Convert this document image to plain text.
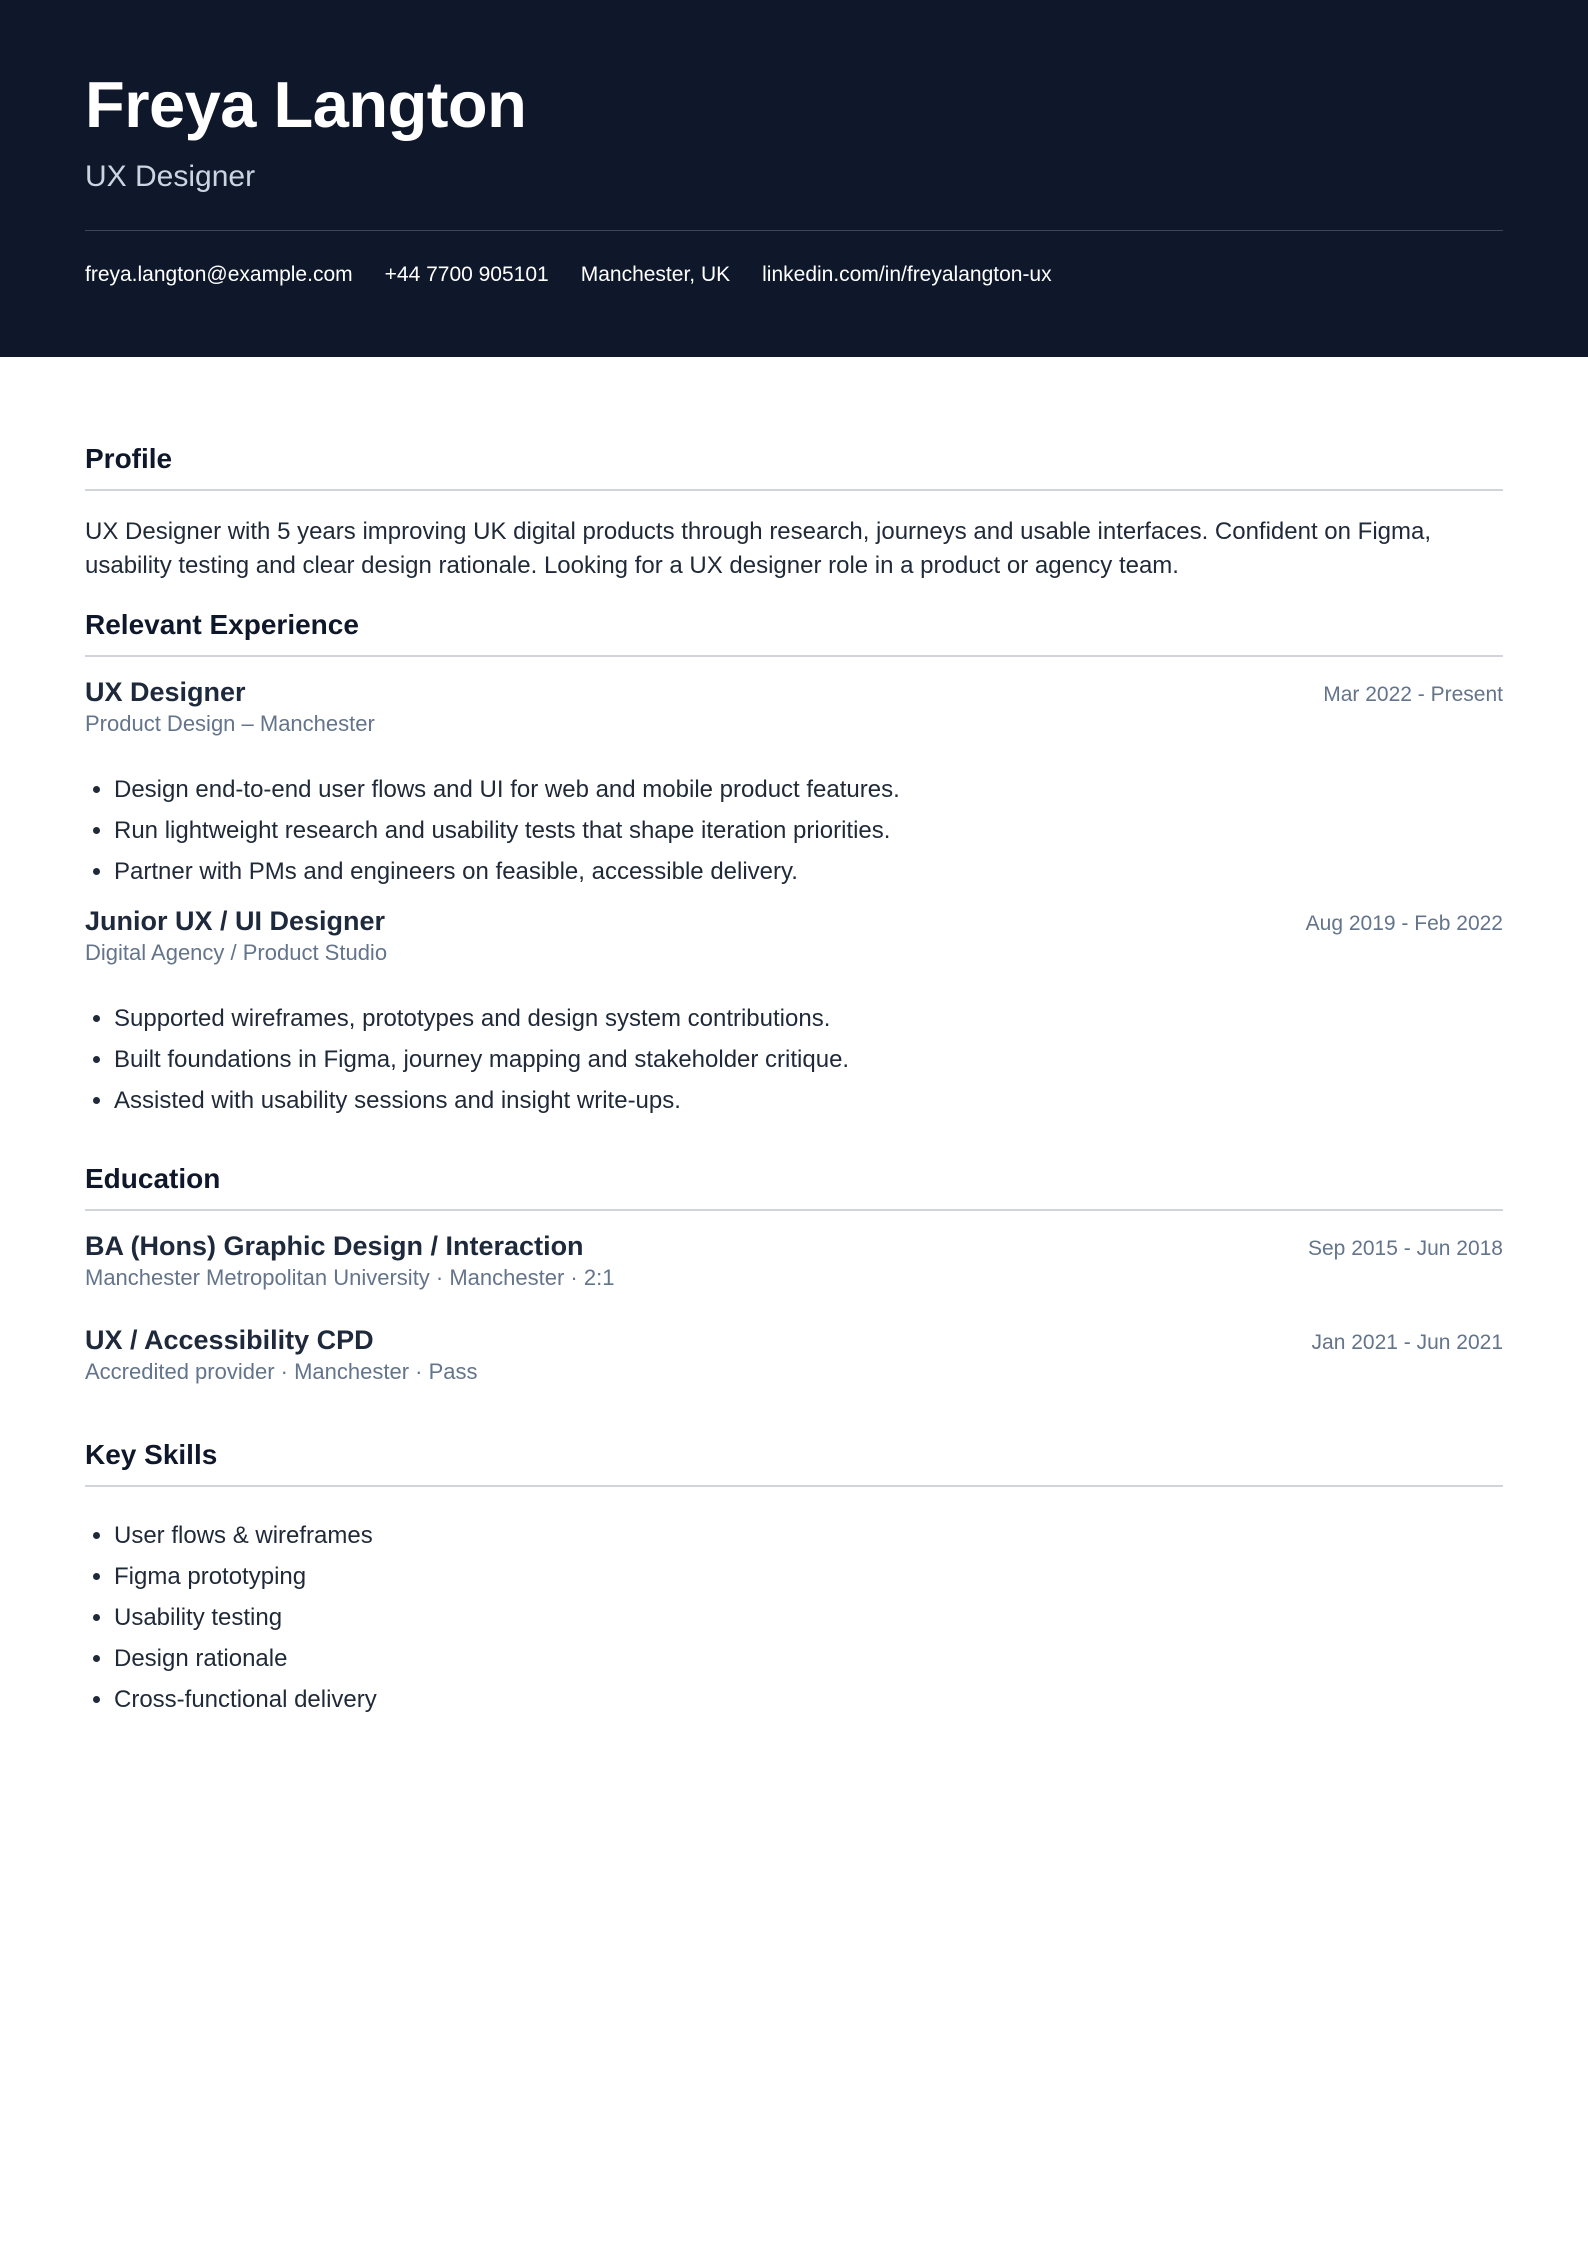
Freya Langton
UX Designer
freya.langton@example.com +44 7700 905101 Manchester, UK linkedin.com/in/freyalangton-ux
Profile

UX Designer with 5 years improving UK digital products through research, journeys and usable interfaces. Confident on Figma, usability testing and clear design rationale. Looking for a UX designer role in a product or agency team.

Relevant Experience
UX Designer	Mar 2022 - Present
Product Design – Manchester
• Design end-to-end user flows and UI for web and mobile product features.
• Run lightweight research and usability tests that shape iteration priorities.
• Partner with PMs and engineers on feasible, accessible delivery.
Junior UX / UI Designer	Aug 2019 - Feb 2022
Digital Agency / Product Studio
• Supported wireframes, prototypes and design system contributions.
• Built foundations in Figma, journey mapping and stakeholder critique.
• Assisted with usability sessions and insight write-ups.
Education
BA (Hons) Graphic Design / Interaction	Sep 2015 - Jun 2018
Manchester Metropolitan University · Manchester · 2:1
UX / Accessibility CPD	Jan 2021 - Jun 2021
Accredited provider · Manchester · Pass
Key Skills
• User flows & wireframes
• Figma prototyping
• Usability testing
• Design rationale
• Cross-functional delivery
